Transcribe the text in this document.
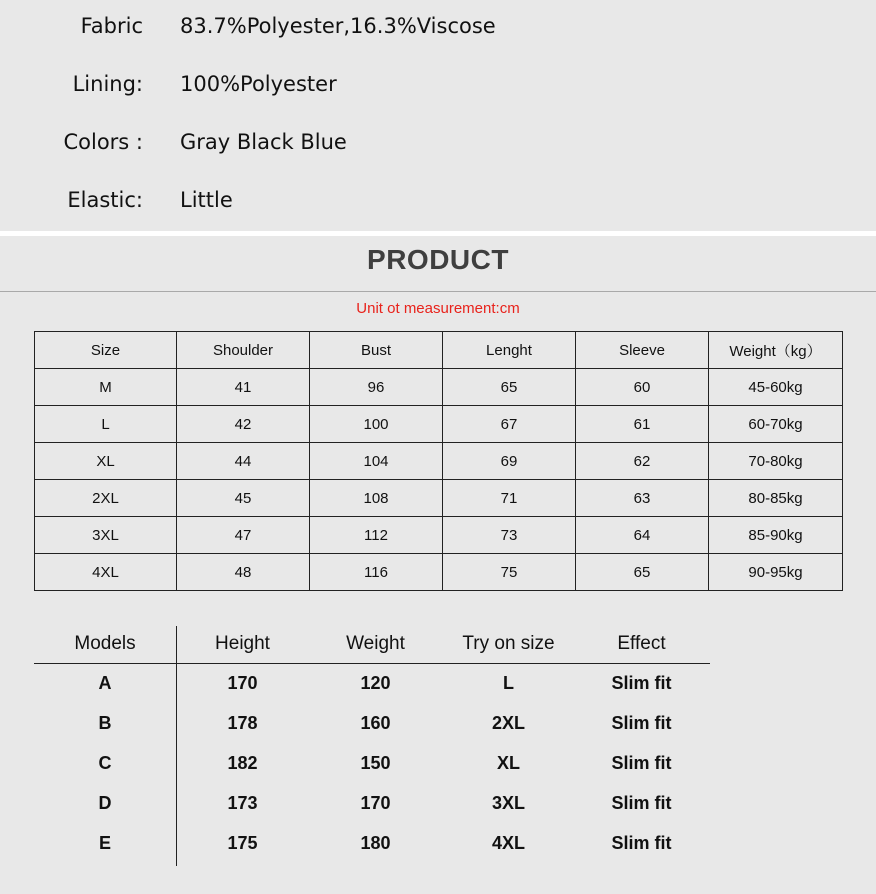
Fabric 83.7%Polyester,16.3%Viscose
Lining: 100%Polyester
Colors : Gray Black Blue
Elastic: Little
PRODUCT
Unit ot measurement:cm
Size	Shoulder	Bust	Lenght	Sleeve	Weight（kg）
M	41	96	65	60	45-60kg
L	42	100	67	61	60-70kg
XL	44	104	69	62	70-80kg
2XL	45	108	71	63	80-85kg
3XL	47	112	73	64	85-90kg
4XL	48	116	75	65	90-95kg
Models	Height	Weight	Try on size	Effect
A	170	120	L	Slim fit
B	178	160	2XL	Slim fit
C	182	150	XL	Slim fit
D	173	170	3XL	Slim fit
E	175	180	4XL	Slim fit
